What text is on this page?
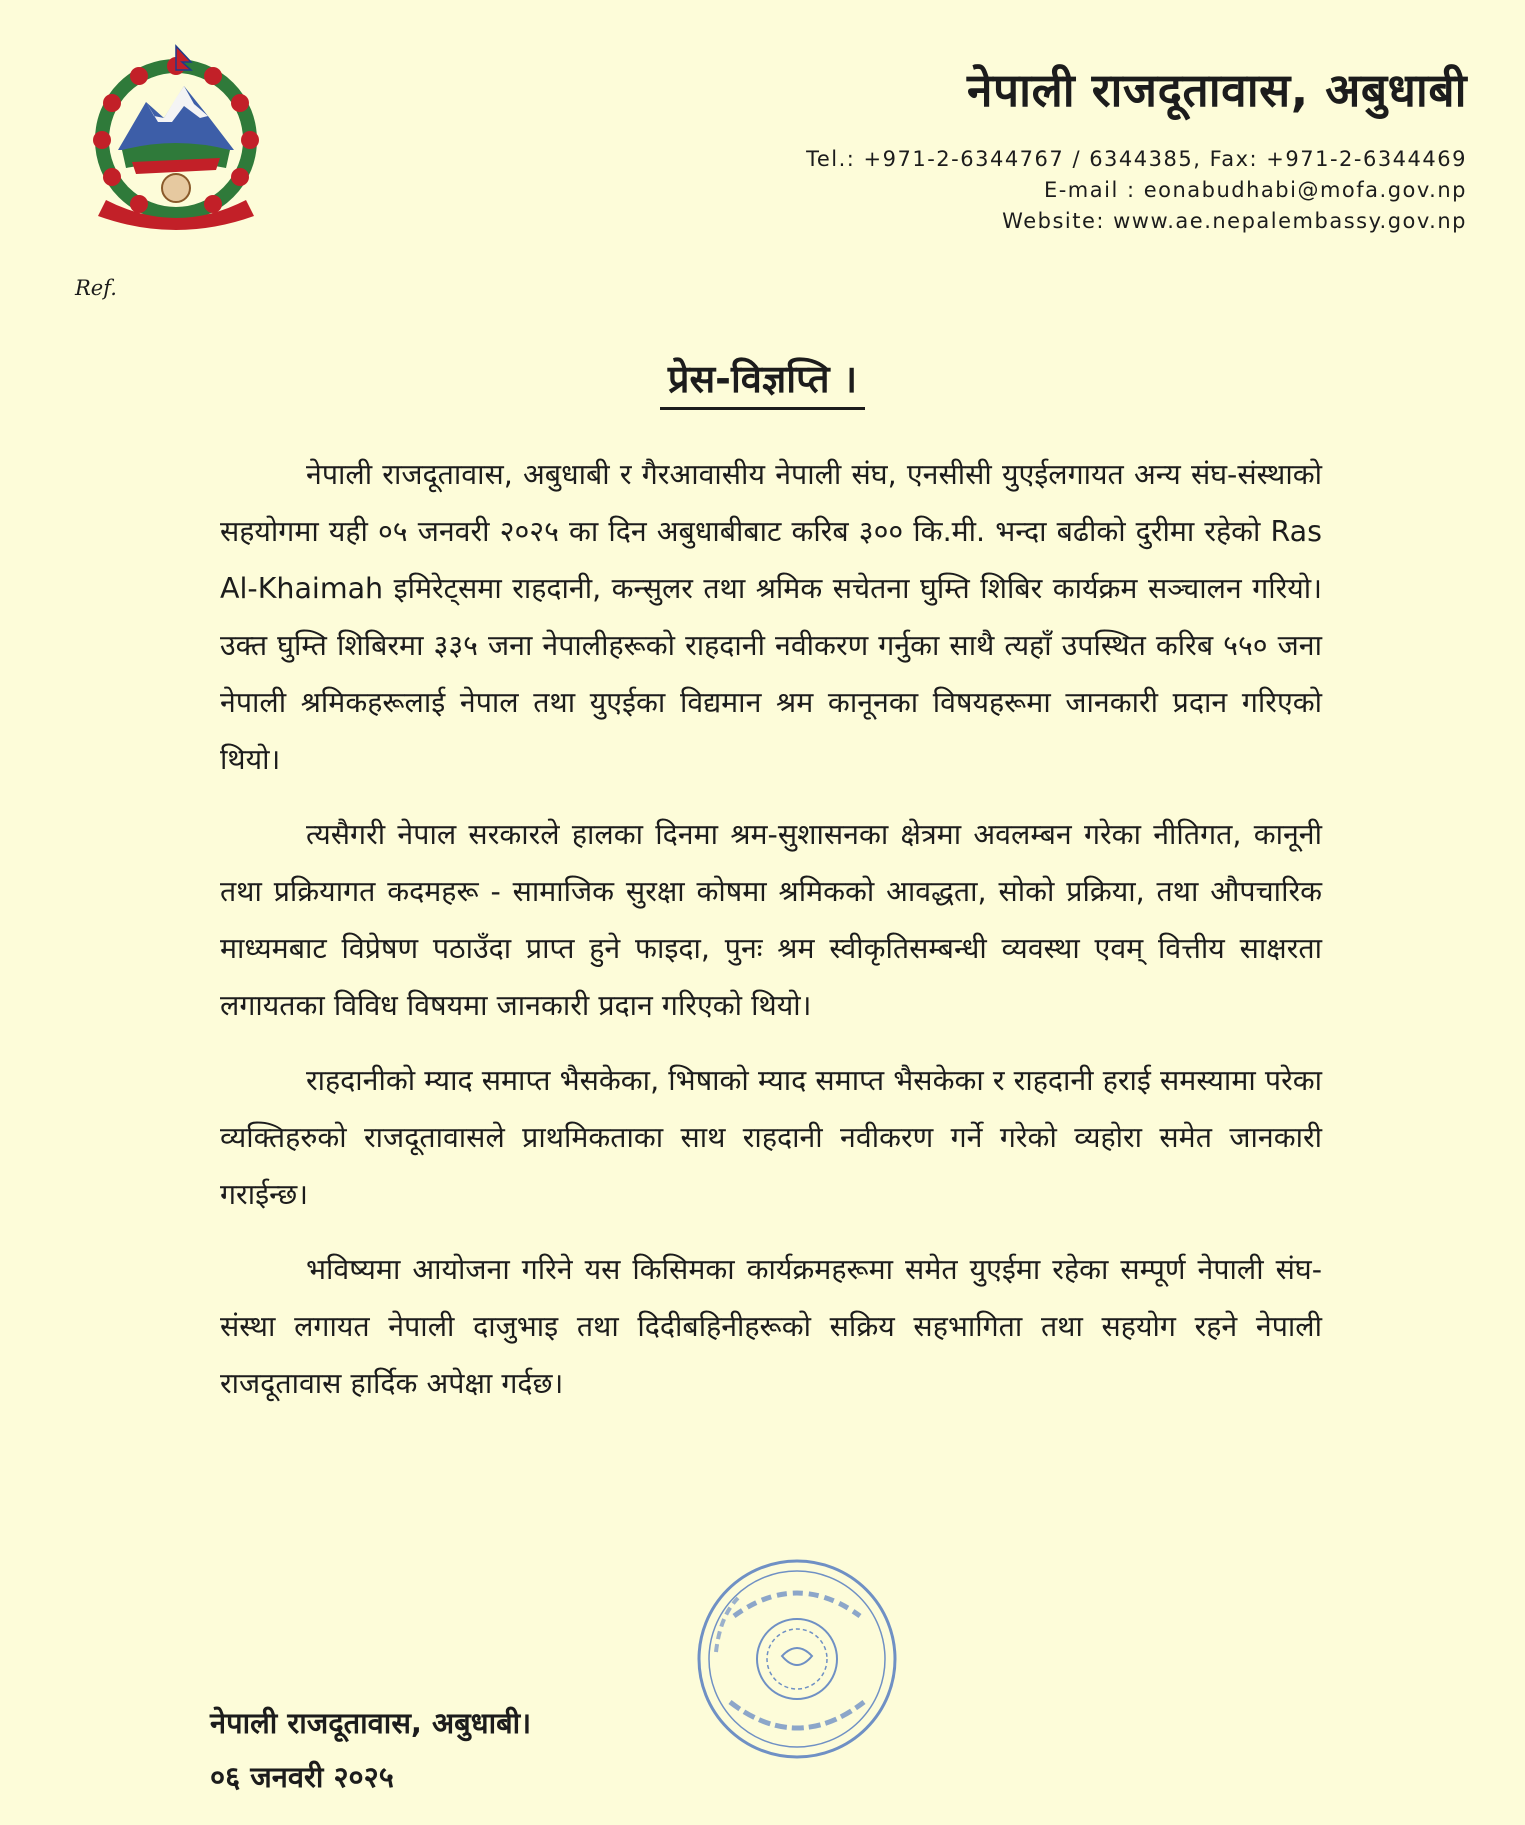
नेपाली राजदूतावास, अबुधाबी
Tel.: +971-2-6344767 / 6344385, Fax: +971-2-6344469
E-mail : eonabudhabi@mofa.gov.np
Website: www.ae.nepalembassy.gov.np
Ref.
प्रेस-विज्ञप्ति ।

नेपाली राजदूतावास, अबुधाबी र गैरआवासीय नेपाली संघ, एनसीसी युएईलगायत अन्य संघ-संस्थाको सहयोगमा यही ०५ जनवरी २०२५ का दिन अबुधाबीबाट करिब ३०० कि.मी. भन्दा बढीको दुरीमा रहेको Ras Al-Khaimah इमिरेट्समा राहदानी, कन्सुलर तथा श्रमिक सचेतना घुम्ति शिबिर कार्यक्रम सञ्चालन गरियो। उक्त घुम्ति शिबिरमा ३३५ जना नेपालीहरूको राहदानी नवीकरण गर्नुका साथै त्यहाँ उपस्थित करिब ५५० जना नेपाली श्रमिकहरूलाई नेपाल तथा युएईका विद्यमान श्रम कानूनका विषयहरूमा जानकारी प्रदान गरिएको थियो।

त्यसैगरी नेपाल सरकारले हालका दिनमा श्रम-सुशासनका क्षेत्रमा अवलम्बन गरेका नीतिगत, कानूनी तथा प्रक्रियागत कदमहरू - सामाजिक सुरक्षा कोषमा श्रमिकको आवद्धता, सोको प्रक्रिया, तथा औपचारिक माध्यमबाट विप्रेषण पठाउँदा प्राप्त हुने फाइदा, पुनः श्रम स्वीकृतिसम्बन्धी व्यवस्था एवम् वित्तीय साक्षरता लगायतका विविध विषयमा जानकारी प्रदान गरिएको थियो।

राहदानीको म्याद समाप्त भैसकेका, भिषाको म्याद समाप्त भैसकेका र राहदानी हराई समस्यामा परेका व्यक्तिहरुको राजदूतावासले प्राथमिकताका साथ राहदानी नवीकरण गर्ने गरेको व्यहोरा समेत जानकारी गराईन्छ।

भविष्यमा आयोजना गरिने यस किसिमका कार्यक्रमहरूमा समेत युएईमा रहेका सम्पूर्ण नेपाली संघ-संस्था लगायत नेपाली दाजुभाइ तथा दिदीबहिनीहरूको सक्रिय सहभागिता तथा सहयोग रहने नेपाली राजदूतावास हार्दिक अपेक्षा गर्दछ।

नेपाली राजदूतावास, अबुधाबी।
०६ जनवरी २०२५
